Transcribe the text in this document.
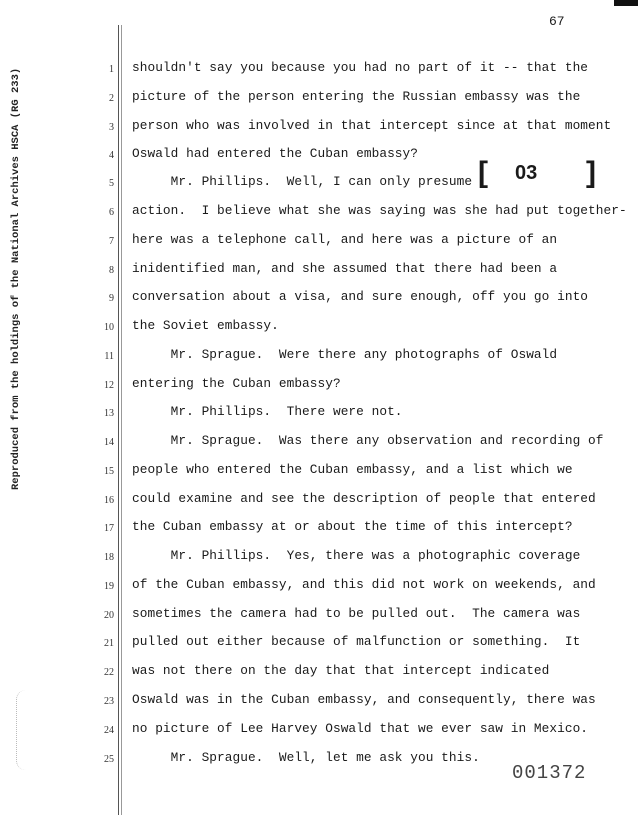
Reproduced from the holdings of the National Archives HSCA (RG 233)
67
1 shouldn't say you because you had no part of it -- that the
2 picture of the person entering the Russian embassy was the
3 person who was involved in that intercept since at that moment
4 Oswald had entered the Cuban embassy?
5 Mr. Phillips.  Well, I can only presume
6 action.  I believe what she was saying was she had put together-
7 here was a telephone call, and here was a picture of an
8 inidentified man, and she assumed that there had been a
9 conversation about a visa, and sure enough, off you go into
10 the Soviet embassy.
11 Mr. Sprague.  Were there any photographs of Oswald
12 entering the Cuban embassy?
13 Mr. Phillips.  There were not.
14 Mr. Sprague.  Was there any observation and recording of
15 people who entered the Cuban embassy, and a list which we
16 could examine and see the description of people that entered
17 the Cuban embassy at or about the time of this intercept?
18 Mr. Phillips.  Yes, there was a photographic coverage
19 of the Cuban embassy, and this did not work on weekends, and
20 sometimes the camera had to be pulled out.  The camera was
21 pulled out either because of malfunction or something.  It
22 was not there on the day that that intercept indicated
23 Oswald was in the Cuban embassy, and consequently, there was
24 no picture of Lee Harvey Oswald that we ever saw in Mexico.
25 Mr. Sprague.  Well, let me ask you this.
[ 03 ]
001372
